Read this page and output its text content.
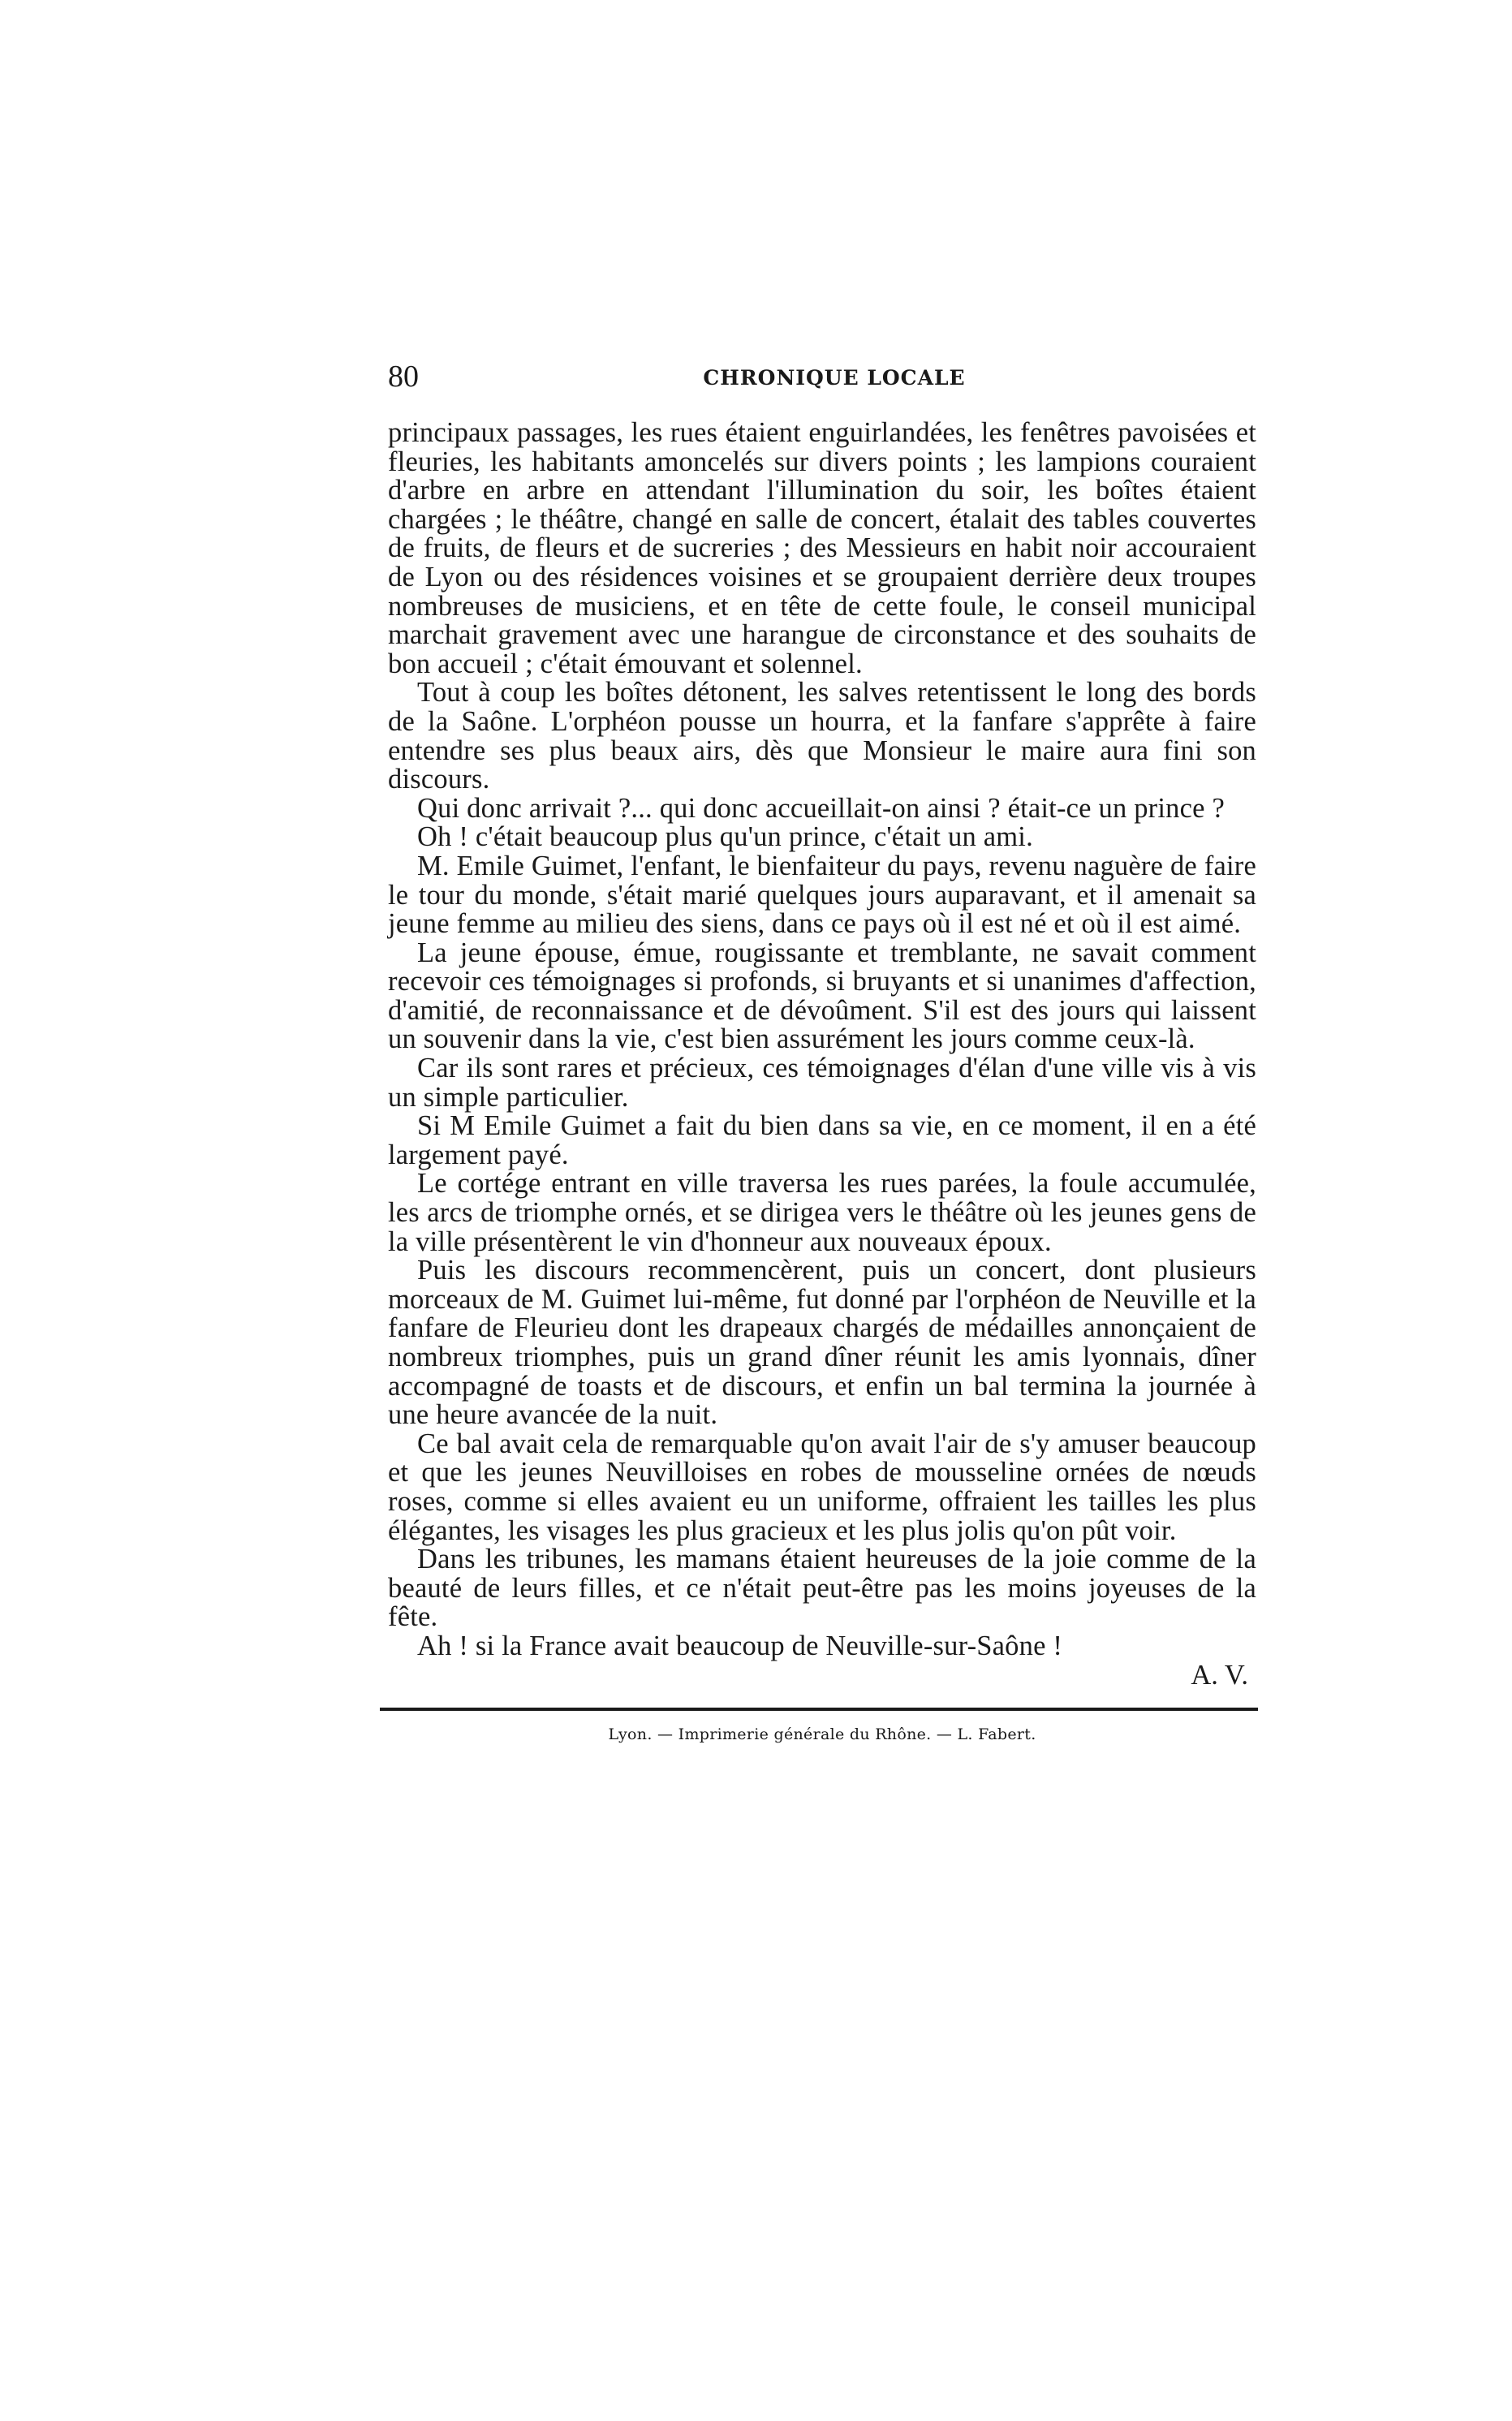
80	CHRONIQUE LOCALE

principaux passages, les rues étaient enguirlandées, les fenêtres pavoisées et fleuries, les habitants amoncelés sur divers points ; les lampions couraient d'arbre en arbre en attendant l'illumination du soir, les boîtes étaient chargées ; le théâtre, changé en salle de concert, étalait des tables couvertes de fruits, de fleurs et de sucreries ; des Messieurs en habit noir accouraient de Lyon ou des résidences voisines et se groupaient derrière deux troupes nombreuses de musiciens, et en tête de cette foule, le conseil municipal marchait gravement avec une harangue de circonstance et des souhaits de bon accueil ; c'était émouvant et solennel.

Tout à coup les boîtes détonent, les salves retentissent le long des bords de la Saône. L'orphéon pousse un hourra, et la fanfare s'apprête à faire entendre ses plus beaux airs, dès que Monsieur le maire aura fini son discours.

Qui donc arrivait ?... qui donc accueillait-on ainsi ? était-ce un prince ?

Oh ! c'était beaucoup plus qu'un prince, c'était un ami.

M. Emile Guimet, l'enfant, le bienfaiteur du pays, revenu naguère de faire le tour du monde, s'était marié quelques jours auparavant, et il amenait sa jeune femme au milieu des siens, dans ce pays où il est né et où il est aimé.

La jeune épouse, émue, rougissante et tremblante, ne savait comment recevoir ces témoignages si profonds, si bruyants et si unanimes d'affection, d'amitié, de reconnaissance et de dévoûment. S'il est des jours qui laissent un souvenir dans la vie, c'est bien assurément les jours comme ceux-là.

Car ils sont rares et précieux, ces témoignages d'élan d'une ville vis à vis un simple particulier.

Si M Emile Guimet a fait du bien dans sa vie, en ce moment, il en a été largement payé.

Le cortége entrant en ville traversa les rues parées, la foule accumulée, les arcs de triomphe ornés, et se dirigea vers le théâtre où les jeunes gens de la ville présentèrent le vin d'honneur aux nouveaux époux.

Puis les discours recommencèrent, puis un concert, dont plusieurs morceaux de M. Guimet lui-même, fut donné par l'orphéon de Neuville et la fanfare de Fleurieu dont les drapeaux chargés de médailles annonçaient de nombreux triomphes, puis un grand dîner réunit les amis lyonnais, dîner accompagné de toasts et de discours, et enfin un bal termina la journée à une heure avancée de la nuit.

Ce bal avait cela de remarquable qu'on avait l'air de s'y amuser beaucoup et que les jeunes Neuvilloises en robes de mousseline ornées de nœuds roses, comme si elles avaient eu un uniforme, offraient les tailles les plus élégantes, les visages les plus gracieux et les plus jolis qu'on pût voir.

Dans les tribunes, les mamans étaient heureuses de la joie comme de la beauté de leurs filles, et ce n'était peut-être pas les moins joyeuses de la fête.

Ah ! si la France avait beaucoup de Neuville-sur-Saône !

A. V.
Lyon. — Imprimerie générale du Rhône. — L. Fabert.
